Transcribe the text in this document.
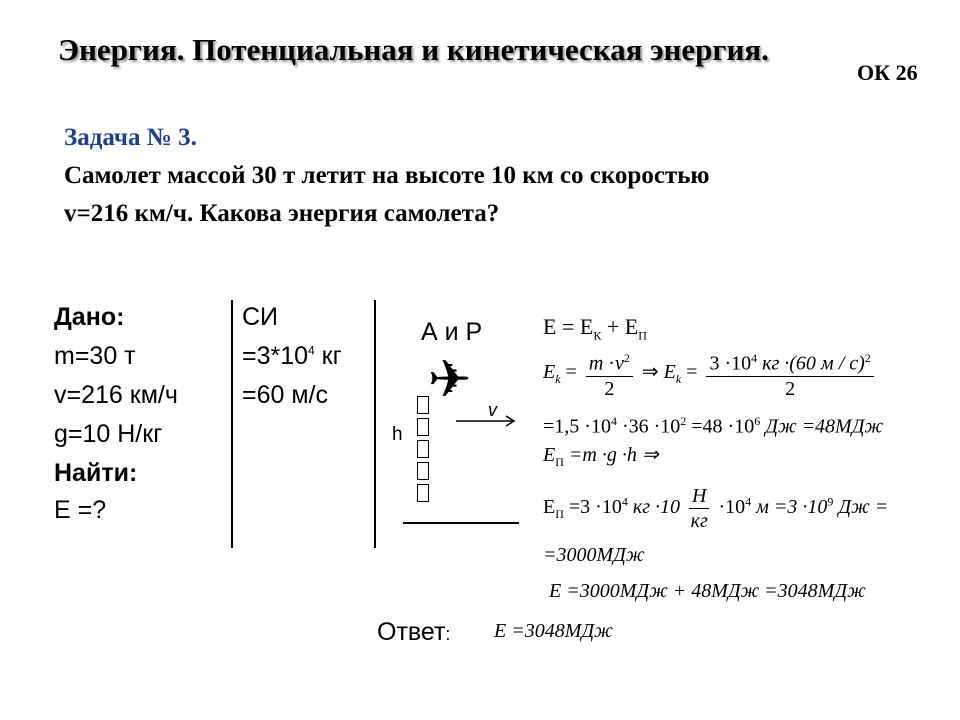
Энергия. Потенциальная и кинетическая энергия.
ОК 26
Задача № 3.
Самолет массой 30 т летит на высоте 10 км со скоростью
v=216 км/ч. Какова энергия самолета?
Дано:
m=30 т
v=216 км/ч
g=10 Н/кг
Найти:
Е =?
СИ
$=3*10^4$ кг
=60 м/с
А и Р
✈ v
h
$E = E_К + E_П$
$E_k = \frac{m \cdot v^2}{2}$ ⇒ $E_k = \frac{3 \cdot 10^4 кг \cdot(60 м / с)^2}{2}$
$=1,5 \cdot 10^4 \cdot 36 \cdot 10^2 =48 \cdot 10^6$ Дж =48МДж
$E_П =m \cdot g \cdot h$ ⇒
$E_П =3 \cdot 10^4$ кг $\cdot 10 \frac{Н}{кг} \cdot 10^4$ $м =3 \cdot 10^9$ Дж =
=3000МДж
E =3000МДж + 48МДж =3048МДж
Ответ: E =3048МДж
